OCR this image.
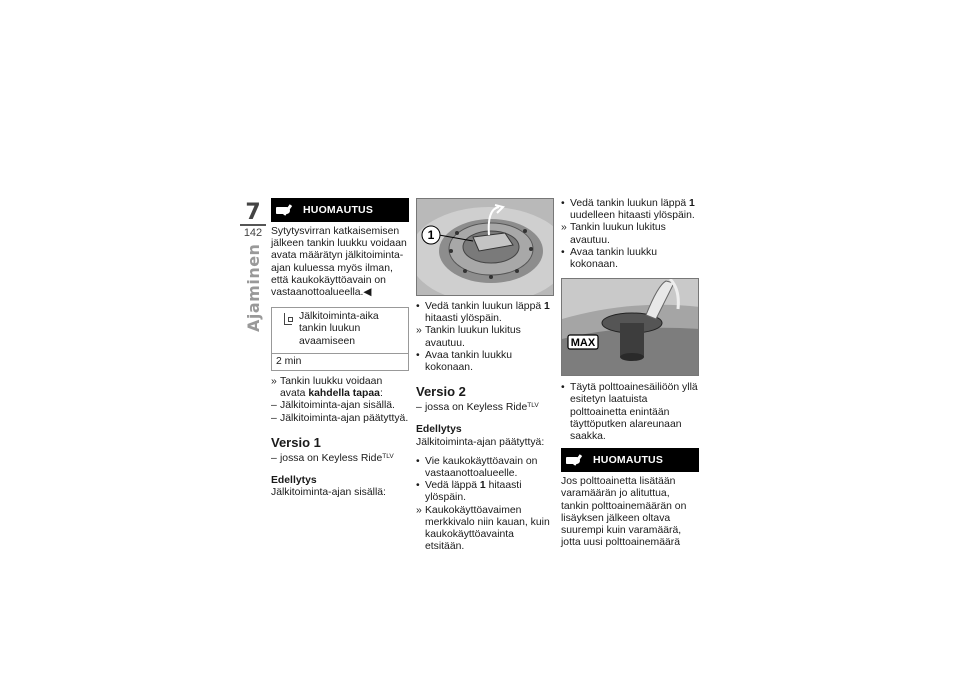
7
142
Ajaminen
HUOMAUTUS

Sytytysvirran katkaisemisen jälkeen tankin luukku voidaan avata määrätyn jälkitoiminta-ajan kuluessa myös ilman, että kaukokäyttöavain on vastaanottoalueella.◀

Jälkitoiminta-aika tankin luukun avaamiseen
2 min
» Tankin luukku voidaan avata kahdella tapaa:
– Jälkitoiminta-ajan sisällä.
– Jälkitoiminta-ajan päätyttyä.
Versio 1
– jossa on Keyless Ride$^{TLV}$
Edellytys
Jälkitoiminta-ajan sisällä:
1
• Vedä tankin luukun läppä 1 hitaasti ylöspäin.
» Tankin luukun lukitus avautuu.
• Avaa tankin luukku kokonaan.
Versio 2
– jossa on Keyless Ride$^{TLV}$
Edellytys
Jälkitoiminta-ajan päätyttyä:
• Vie kaukokäyttöavain on vastaanottoalueelle.
• Vedä läppä 1 hitaasti ylöspäin.
» Kaukokäyttöavaimen merkkivalo niin kauan, kuin kaukokäyttöavainta etsitään.
• Vedä tankin luukun läppä 1 uudelleen hitaasti ylöspäin.
» Tankin luukun lukitus avautuu.
• Avaa tankin luukku kokonaan.
MAX
• Täytä polttoainesäiliöön yllä esitetyn laatuista polttoainetta enintään täyttöputken alareunaan saakka.
HUOMAUTUS

Jos polttoainetta lisätään varamäärän jo alituttua, tankin polttoainemäärän on lisäyksen jälkeen oltava suurempi kuin varamäärä, jotta uusi polttoainemäärä
